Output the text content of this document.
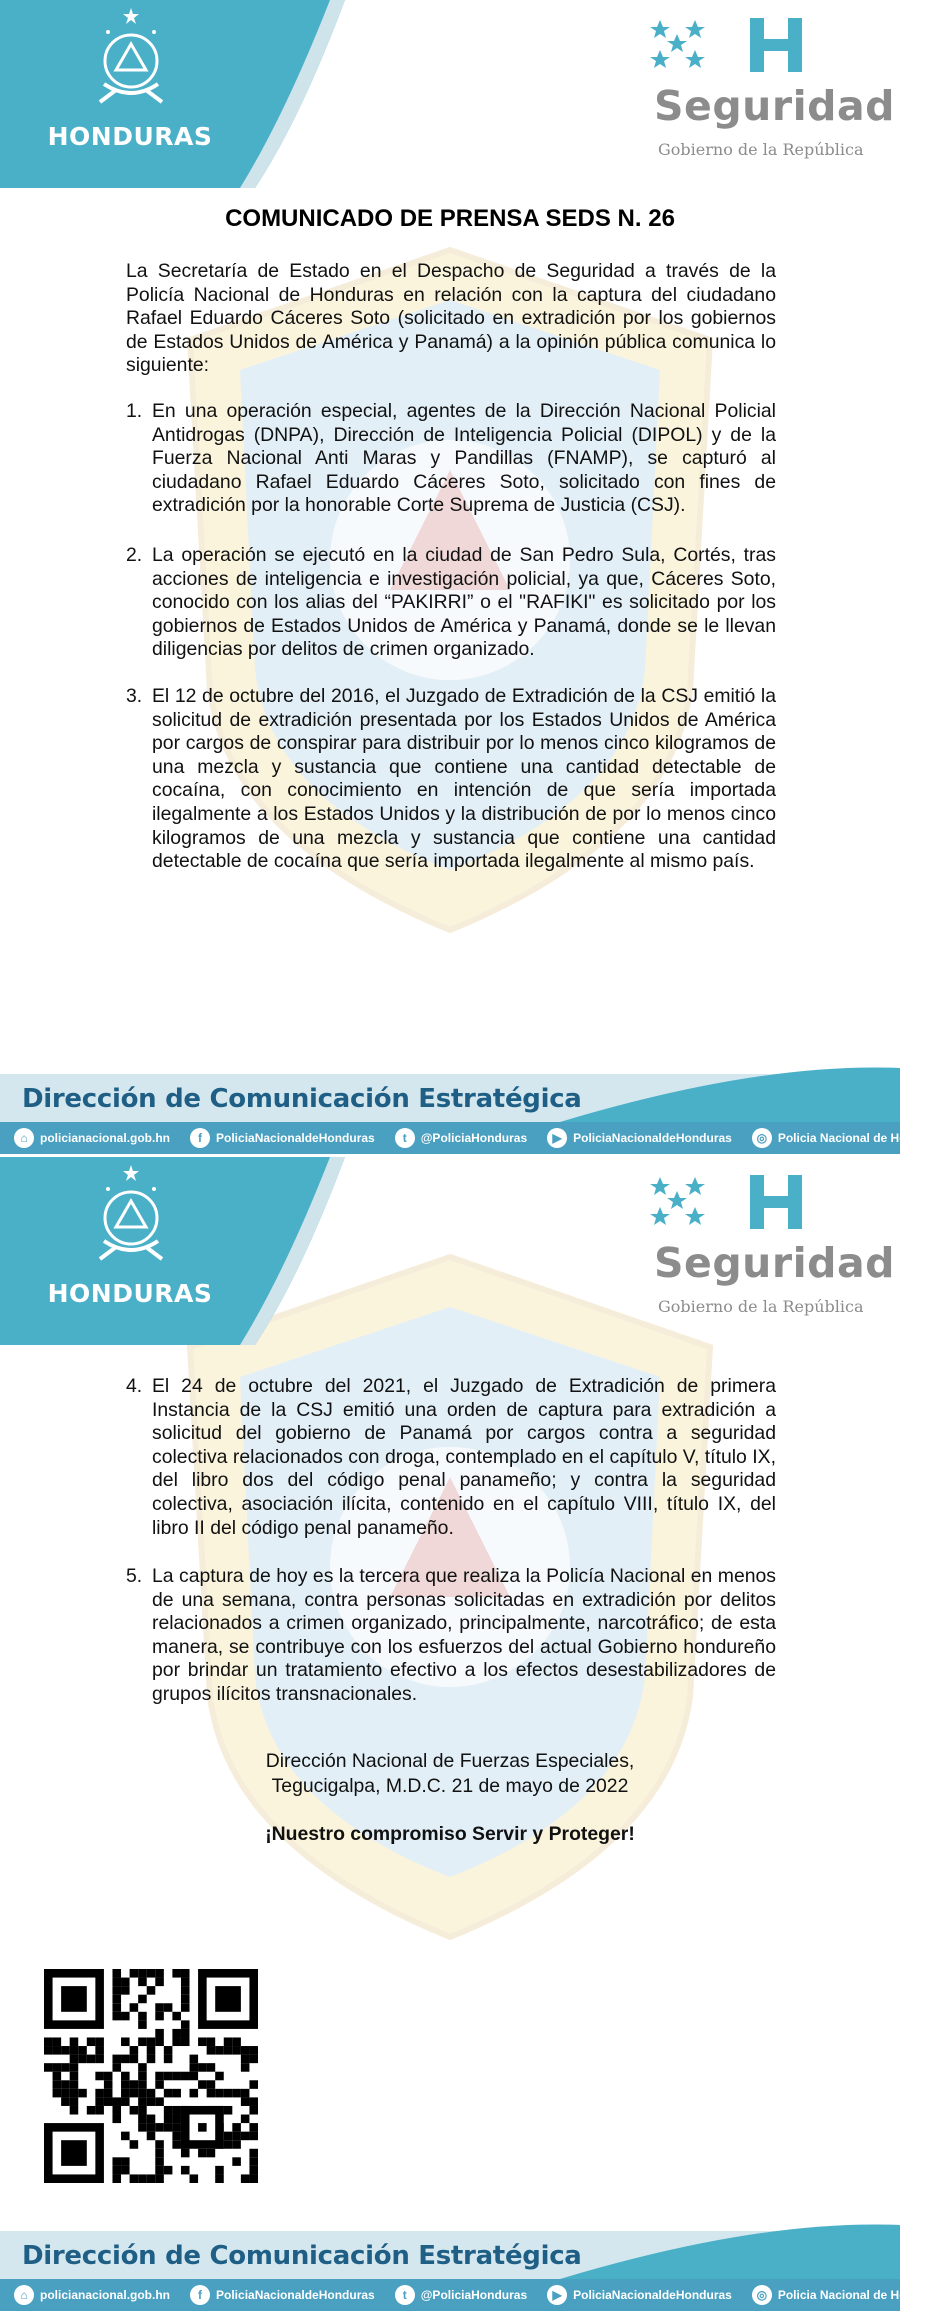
HONDURAS
Seguridad
Gobierno de la República
COMUNICADO DE PRENSA SEDS N. 26
La Secretaría de Estado en el Despacho de Seguridad a través de la Policía Nacional de Honduras en relación con la captura del ciudadano Rafael Eduardo Cáceres Soto (solicitado en extradición por los gobiernos de Estados Unidos de América y Panamá) a la opinión pública comunica lo siguiente:
1. En una operación especial, agentes de la Dirección Nacional Policial Antidrogas (DNPA), Dirección de Inteligencia Policial (DIPOL) y de la Fuerza Nacional Anti Maras y Pandillas (FNAMP), se capturó al ciudadano Rafael Eduardo Cáceres Soto, solicitado con fines de extradición por la honorable Corte Suprema de Justicia (CSJ).
2. La operación se ejecutó en la ciudad de San Pedro Sula, Cortés, tras acciones de inteligencia e investigación policial, ya que, Cáceres Soto, conocido con los alias del “PAKIRRI” o el "RAFIKI" es solicitado por los gobiernos de Estados Unidos de América y Panamá, donde se le llevan diligencias por delitos de crimen organizado.
3. El 12 de octubre del 2016, el Juzgado de Extradición de la CSJ emitió la solicitud de extradición presentada por los Estados Unidos de América por cargos de conspirar para distribuir por lo menos cinco kilogramos de una mezcla y sustancia que contiene una cantidad detectable de cocaína, con conocimiento en intención de que sería importada ilegalmente a los Estados Unidos y la distribución de por lo menos cinco kilogramos de una mezcla y sustancia que contiene una cantidad detectable de cocaína que sería importada ilegalmente al mismo país.
Dirección de Comunicación Estratégica
⌂	policianacional.gob.hn	f	PoliciaNacionaldeHonduras	t	@PoliciaHonduras	▶ PoliciaNacionaldeHonduras	◎ Policia Nacional de Honduras
HONDURAS
Seguridad
Gobierno de la República
4. El 24 de octubre del 2021, el Juzgado de Extradición de primera Instancia de la CSJ emitió una orden de captura para extradición a solicitud del gobierno de Panamá por cargos contra a seguridad colectiva relacionados con droga, contemplado en el capítulo V, título IX, del libro dos del código penal panameño; y contra la seguridad colectiva, asociación ilícita, contenido en el capítulo VIII, título IX, del libro II del código penal panameño.
5. La captura de hoy es la tercera que realiza la Policía Nacional en menos de una semana, contra personas solicitadas en extradición por delitos relacionados a crimen organizado, principalmente, narcotráfico; de esta manera, se contribuye con los esfuerzos del actual Gobierno hondureño por brindar un tratamiento efectivo a los efectos desestabilizadores de grupos ilícitos transnacionales.
Dirección Nacional de Fuerzas Especiales,
Tegucigalpa, M.D.C. 21 de mayo de 2022
¡Nuestro compromiso Servir y Proteger!
Dirección de Comunicación Estratégica
⌂	policianacional.gob.hn	f	PoliciaNacionaldeHonduras	t	@PoliciaHonduras	▶ PoliciaNacionaldeHonduras	◎ Policia Nacional de Honduras
